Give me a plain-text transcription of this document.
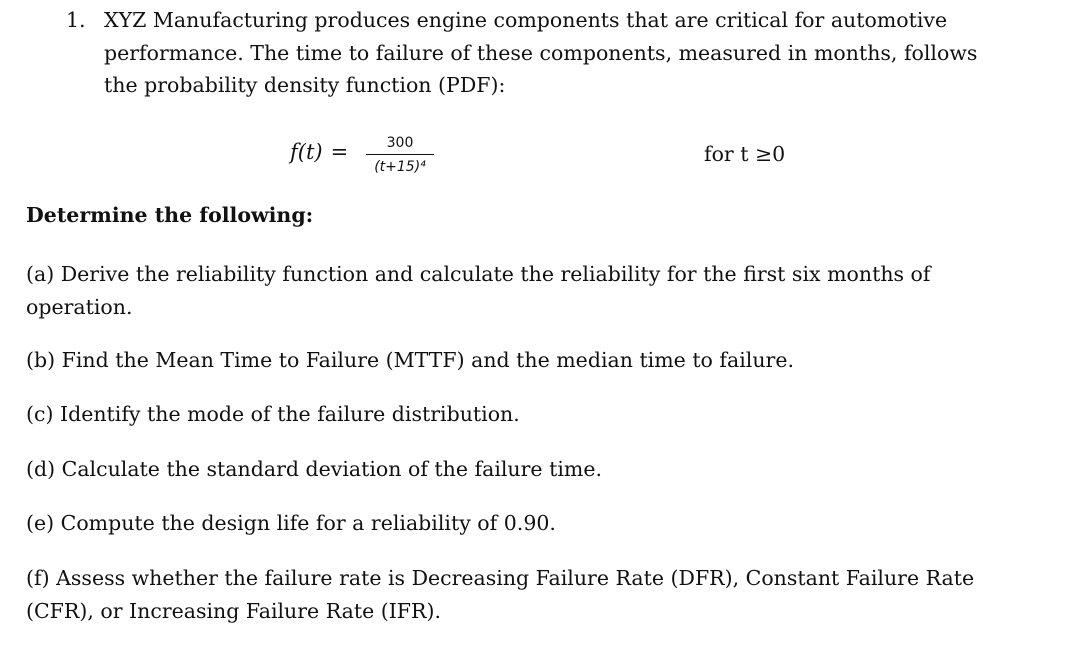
1. XYZ Manufacturing produces engine components that are critical for automotive performance. The time to failure of these components, measured in months, follows the probability density function (PDF):
f(t) =	300
(t+15)⁴
for t ≥0
Determine the following:
(a) Derive the reliability function and calculate the reliability for the first six months of operation.
(b) Find the Mean Time to Failure (MTTF) and the median time to failure.
(c) Identify the mode of the failure distribution.
(d) Calculate the standard deviation of the failure time.
(e) Compute the design life for a reliability of 0.90.
(f) Assess whether the failure rate is Decreasing Failure Rate (DFR), Constant Failure Rate (CFR), or Increasing Failure Rate (IFR).
